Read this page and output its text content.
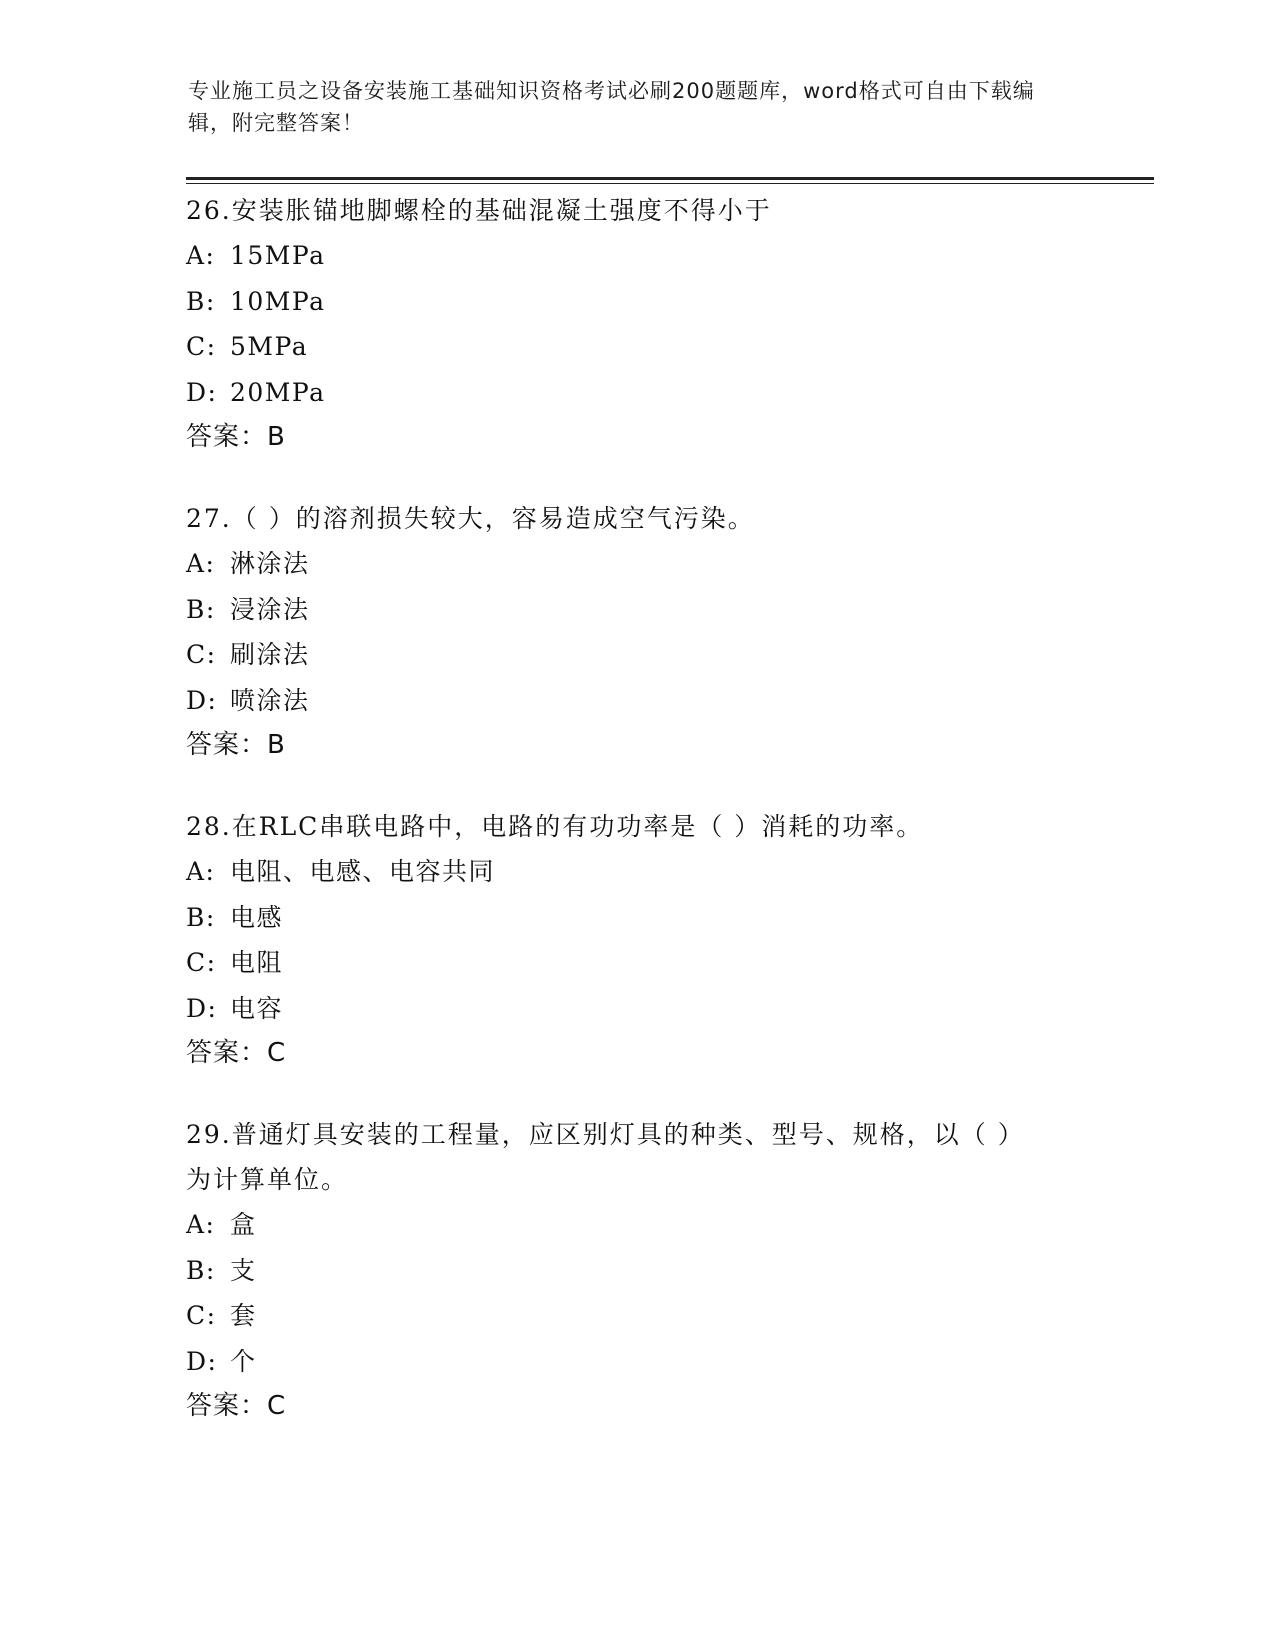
专业施工员之设备安装施工基础知识资格考试必刷200题题库，word格式可自由下载编辑，附完整答案！
26.安装胀锚地脚螺栓的基础混凝土强度不得小于
A: 15MPa
B: 10MPa
C: 5MPa
D: 20MPa
答案：B
27.（ ）的溶剂损失较大，容易造成空气污染。
A: 淋涂法
B: 浸涂法
C: 刷涂法
D: 喷涂法
答案：B
28.在RLC串联电路中，电路的有功功率是（ ）消耗的功率。
A: 电阻、电感、电容共同
B: 电感
C: 电阻
D: 电容
答案：C
29.普通灯具安装的工程量，应区别灯具的种类、型号、规格，以（ ）为计算单位。
A: 盒
B: 支
C: 套
D: 个
答案：C
